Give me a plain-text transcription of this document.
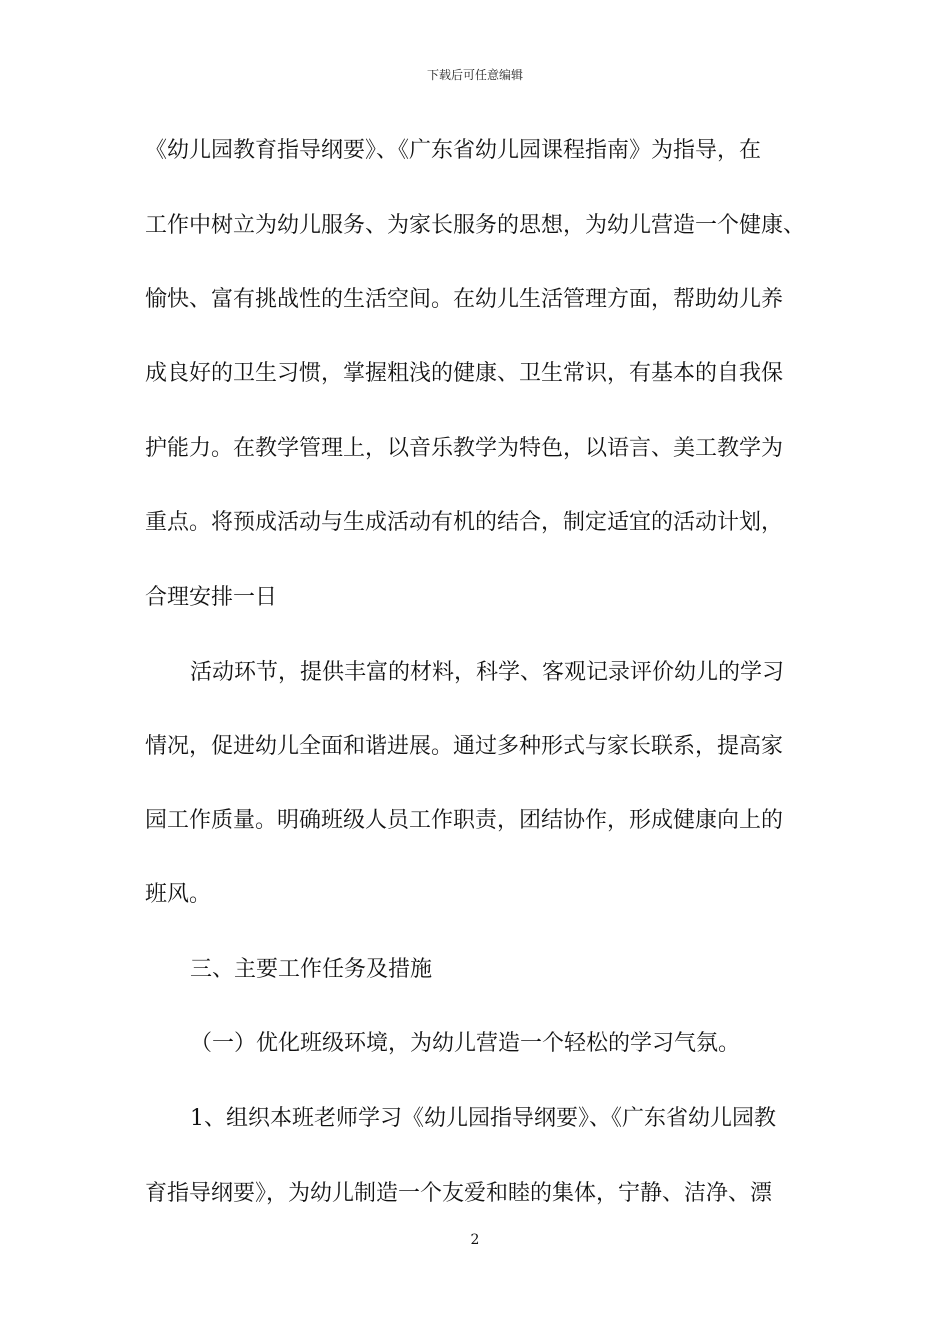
下载后可任意编辑
《幼儿园教育指导纲要》、《广东省幼儿园课程指南》为指导，在
工作中树立为幼儿服务、为家长服务的思想，为幼儿营造一个健康、
愉快、富有挑战性的生活空间。在幼儿生活管理方面，帮助幼儿养
成良好的卫生习惯，掌握粗浅的健康、卫生常识，有基本的自我保
护能力。在教学管理上，以音乐教学为特色，以语言、美工教学为
重点。将预成活动与生成活动有机的结合，制定适宜的活动计划，
合理安排一日
活动环节，提供丰富的材料，科学、客观记录评价幼儿的学习
情况，促进幼儿全面和谐进展。通过多种形式与家长联系，提高家
园工作质量。明确班级人员工作职责，团结协作，形成健康向上的
班风。
三、主要工作任务及措施
（一）优化班级环境，为幼儿营造一个轻松的学习气氛。
1、组织本班老师学习《幼儿园指导纲要》、《广东省幼儿园教
育指导纲要》，为幼儿制造一个友爱和睦的集体，宁静、洁净、漂
2
